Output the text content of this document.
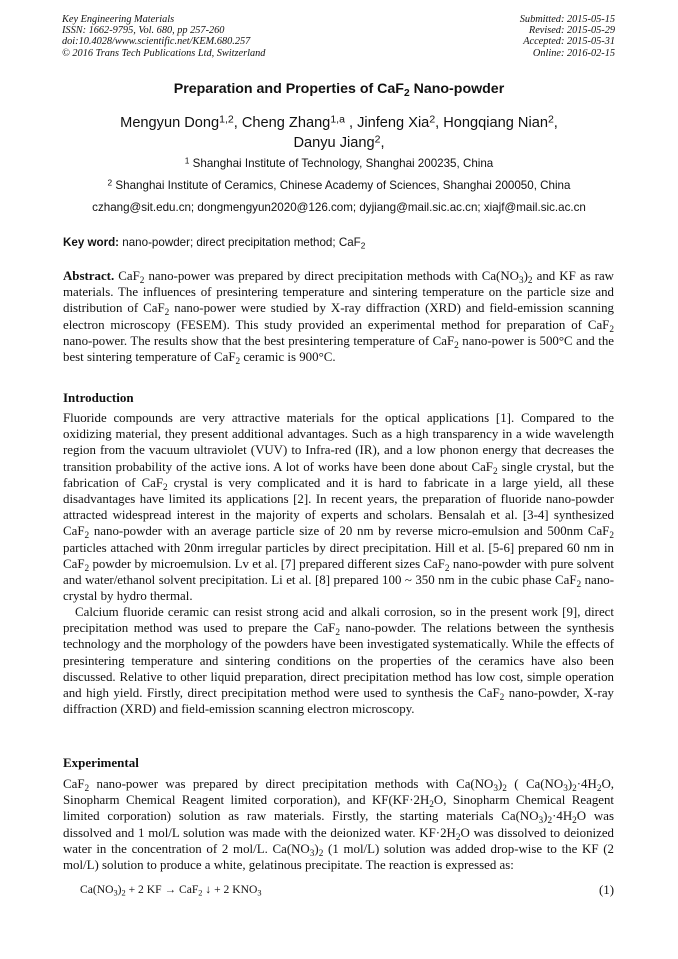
Key Engineering Materials
ISSN: 1662-9795, Vol. 680, pp 257-260
doi:10.4028/www.scientific.net/KEM.680.257
© 2016 Trans Tech Publications Ltd, Switzerland
Submitted: 2015-05-15
Revised: 2015-05-29
Accepted: 2015-05-31
Online: 2016-02-15
Preparation and Properties of CaF$_2$ Nano-powder
Mengyun Dong$^{1,2}$, Cheng Zhang$^{1,a}$ , Jinfeng Xia$^2$, Hongqiang Nian$^2$,
Danyu Jiang$^2$,
$^1$ Shanghai Institute of Technology, Shanghai 200235, China
$^2$ Shanghai Institute of Ceramics, Chinese Academy of Sciences, Shanghai 200050, China
czhang@sit.edu.cn; dongmengyun2020@126.com; dyjiang@mail.sic.ac.cn; xiajf@mail.sic.ac.cn
Key word: nano-powder; direct precipitation method; CaF$_2$

Abstract. CaF$_2$ nano-power was prepared by direct precipitation methods with $Ca(NO_3)_2$ and KF as raw materials. The influences of presintering temperature and sintering temperature on the particle size and distribution of CaF$_2$ nano-power were studied by X-ray diffraction (XRD) and field-emission scanning electron microscopy (FESEM). This study provided an experimental method for preparation of CaF$_2$ nano-power. The results show that the best presintering temperature of CaF$_2$ nano-power is 500°C and the best sintering temperature of CaF$_2$ ceramic is 900°C.

Introduction

Fluoride compounds are very attractive materials for the optical applications [1]. Compared to the oxidizing material, they present additional advantages. Such as a high transparency in a wide wavelength region from the vacuum ultraviolet (VUV) to Infra-red (IR), and a low phonon energy that decreases the transition probability of the active ions. A lot of works have been done about CaF$_2$ single crystal, but the fabrication of CaF$_2$ crystal is very complicated and it is hard to fabricate in a large yield, all these disadvantages have limited its applications [2]. In recent years, the preparation of fluoride nano-powder attracted widespread interest in the majority of experts and scholars. Bensalah et al. [3-4] synthesized CaF$_2$ nano-powder with an average particle size of 20 nm by reverse micro-emulsion and 500nm CaF$_2$ particles attached with 20nm irregular particles by direct precipitation. Hill et al. [5-6] prepared 60 nm in CaF$_2$ powder by microemulsion. Lv et al. [7] prepared different sizes CaF$_2$ nano-powder with pure solvent and water/ethanol solvent precipitation. Li et al. [8] prepared 100 ~ 350 nm in the cubic phase CaF$_2$ nano-crystal by hydro thermal.

Calcium fluoride ceramic can resist strong acid and alkali corrosion, so in the present work [9], direct precipitation method was used to prepare the CaF$_2$ nano-powder. The relations between the synthesis technology and the morphology of the powders have been investigated systematically. While the effects of presintering temperature and sintering conditions on the properties of the ceramics have also been discussed. Relative to other liquid preparation, direct precipitation method has low cost, simple operation and high yield. Firstly, direct precipitation method were used to synthesis the CaF$_2$ nano-powder, X-ray diffraction (XRD) and field-emission scanning electron microscopy.

Experimental

CaF$_2$ nano-power was prepared by direct precipitation methods with $Ca(NO_3)_2$ ( $Ca(NO_3)_2\cdot 4H_2O$, Sinopharm Chemical Reagent limited corporation), and $KF(KF\cdot 2H_2O$, Sinopharm Chemical Reagent limited corporation) solution as raw materials. Firstly, the starting materials $Ca(NO_3)_2\cdot 4H_2O$ was dissolved and 1 mol/L solution was made with the deionized water. $KF\cdot 2H_2O$ was dissolved to deionized water in the concentration of 2 mol/L. $Ca(NO_3)_2$ (1 mol/L) solution was added drop-wise to the KF (2 mol/L) solution to produce a white, gelatinous precipitate. The reaction is expressed as:

$Ca(NO_3)_2 + 2$ KF → CaF$_2$ ↓ + 2 $KNO_3$	(1)
